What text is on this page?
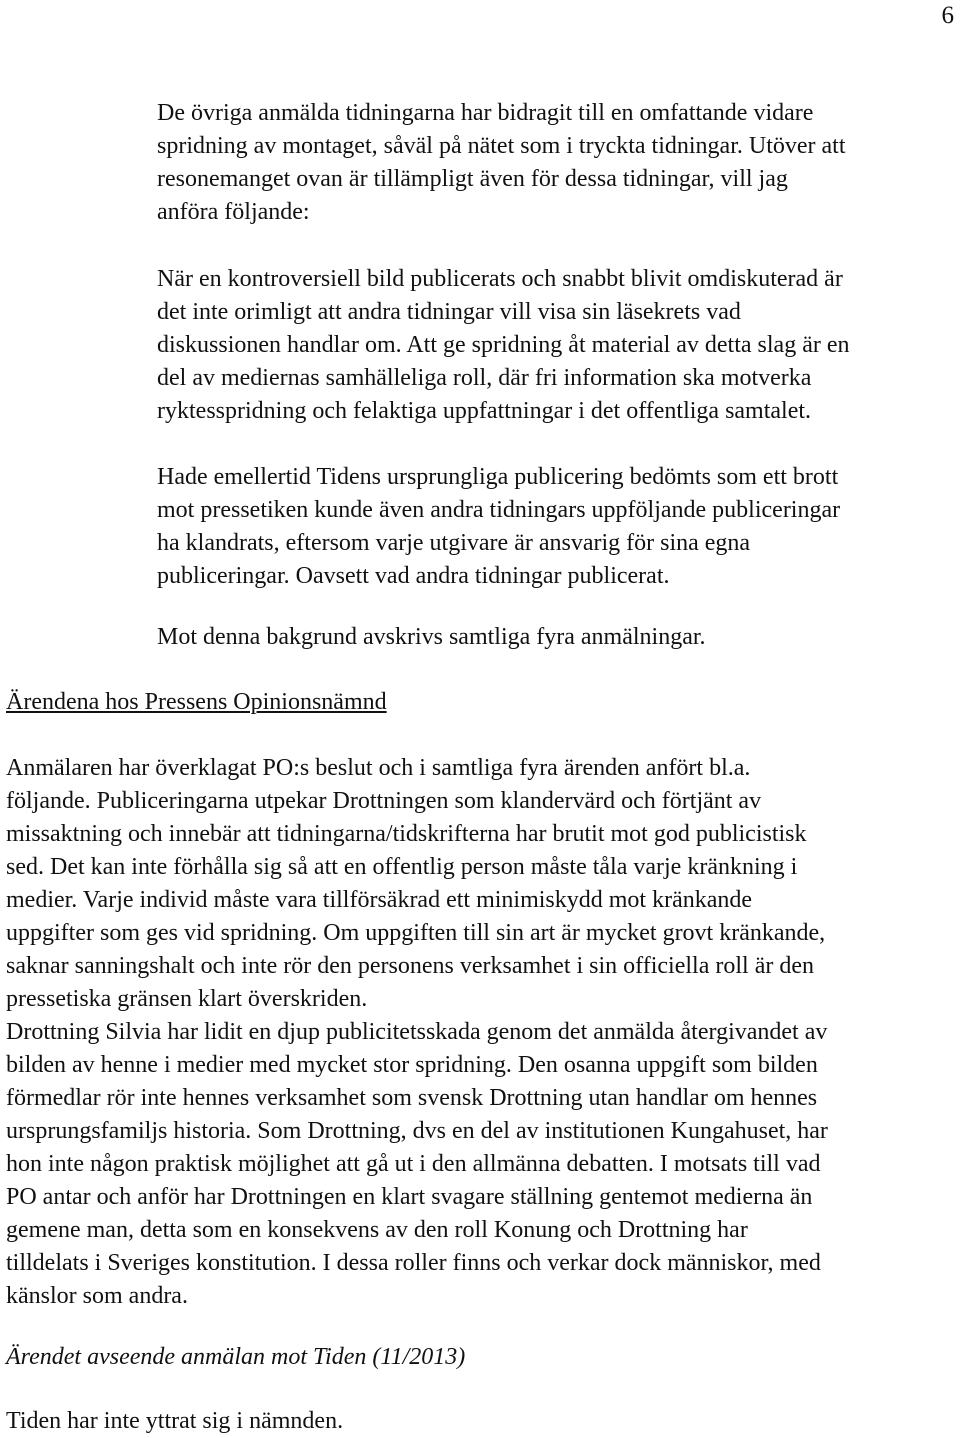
6

De övriga anmälda tidningarna har bidragit till en omfattande vidare
spridning av montaget, såväl på nätet som i tryckta tidningar. Utöver att
resonemanget ovan är tillämpligt även för dessa tidningar, vill jag
anföra följande:

När en kontroversiell bild publicerats och snabbt blivit omdiskuterad är
det inte orimligt att andra tidningar vill visa sin läsekrets vad
diskussionen handlar om. Att ge spridning åt material av detta slag är en
del av mediernas samhälleliga roll, där fri information ska motverka
ryktesspridning och felaktiga uppfattningar i det offentliga samtalet.

Hade emellertid Tidens ursprungliga publicering bedömts som ett brott
mot pressetiken kunde även andra tidningars uppföljande publiceringar
ha klandrats, eftersom varje utgivare är ansvarig för sina egna
publiceringar. Oavsett vad andra tidningar publicerat.

Mot denna bakgrund avskrivs samtliga fyra anmälningar.

Ärendena hos Pressens Opinionsnämnd

Anmälaren har överklagat PO:s beslut och i samtliga fyra ärenden anfört bl.a.
följande. Publiceringarna utpekar Drottningen som klandervärd och förtjänt av
missaktning och innebär att tidningarna/tidskrifterna har brutit mot god publicistisk
sed. Det kan inte förhålla sig så att en offentlig person måste tåla varje kränkning i
medier. Varje individ måste vara tillförsäkrad ett minimiskydd mot kränkande
uppgifter som ges vid spridning. Om uppgiften till sin art är mycket grovt kränkande,
saknar sanningshalt och inte rör den personens verksamhet i sin officiella roll är den
pressetiska gränsen klart överskriden.
Drottning Silvia har lidit en djup publicitetsskada genom det anmälda återgivandet av
bilden av henne i medier med mycket stor spridning. Den osanna uppgift som bilden
förmedlar rör inte hennes verksamhet som svensk Drottning utan handlar om hennes
ursprungsfamiljs historia. Som Drottning, dvs en del av institutionen Kungahuset, har
hon inte någon praktisk möjlighet att gå ut i den allmänna debatten. I motsats till vad
PO antar och anför har Drottningen en klart svagare ställning gentemot medierna än
gemene man, detta som en konsekvens av den roll Konung och Drottning har
tilldelats i Sveriges konstitution. I dessa roller finns och verkar dock människor, med
känslor som andra.

Ärendet avseende anmälan mot Tiden (11/2013)

Tiden har inte yttrat sig i nämnden.
